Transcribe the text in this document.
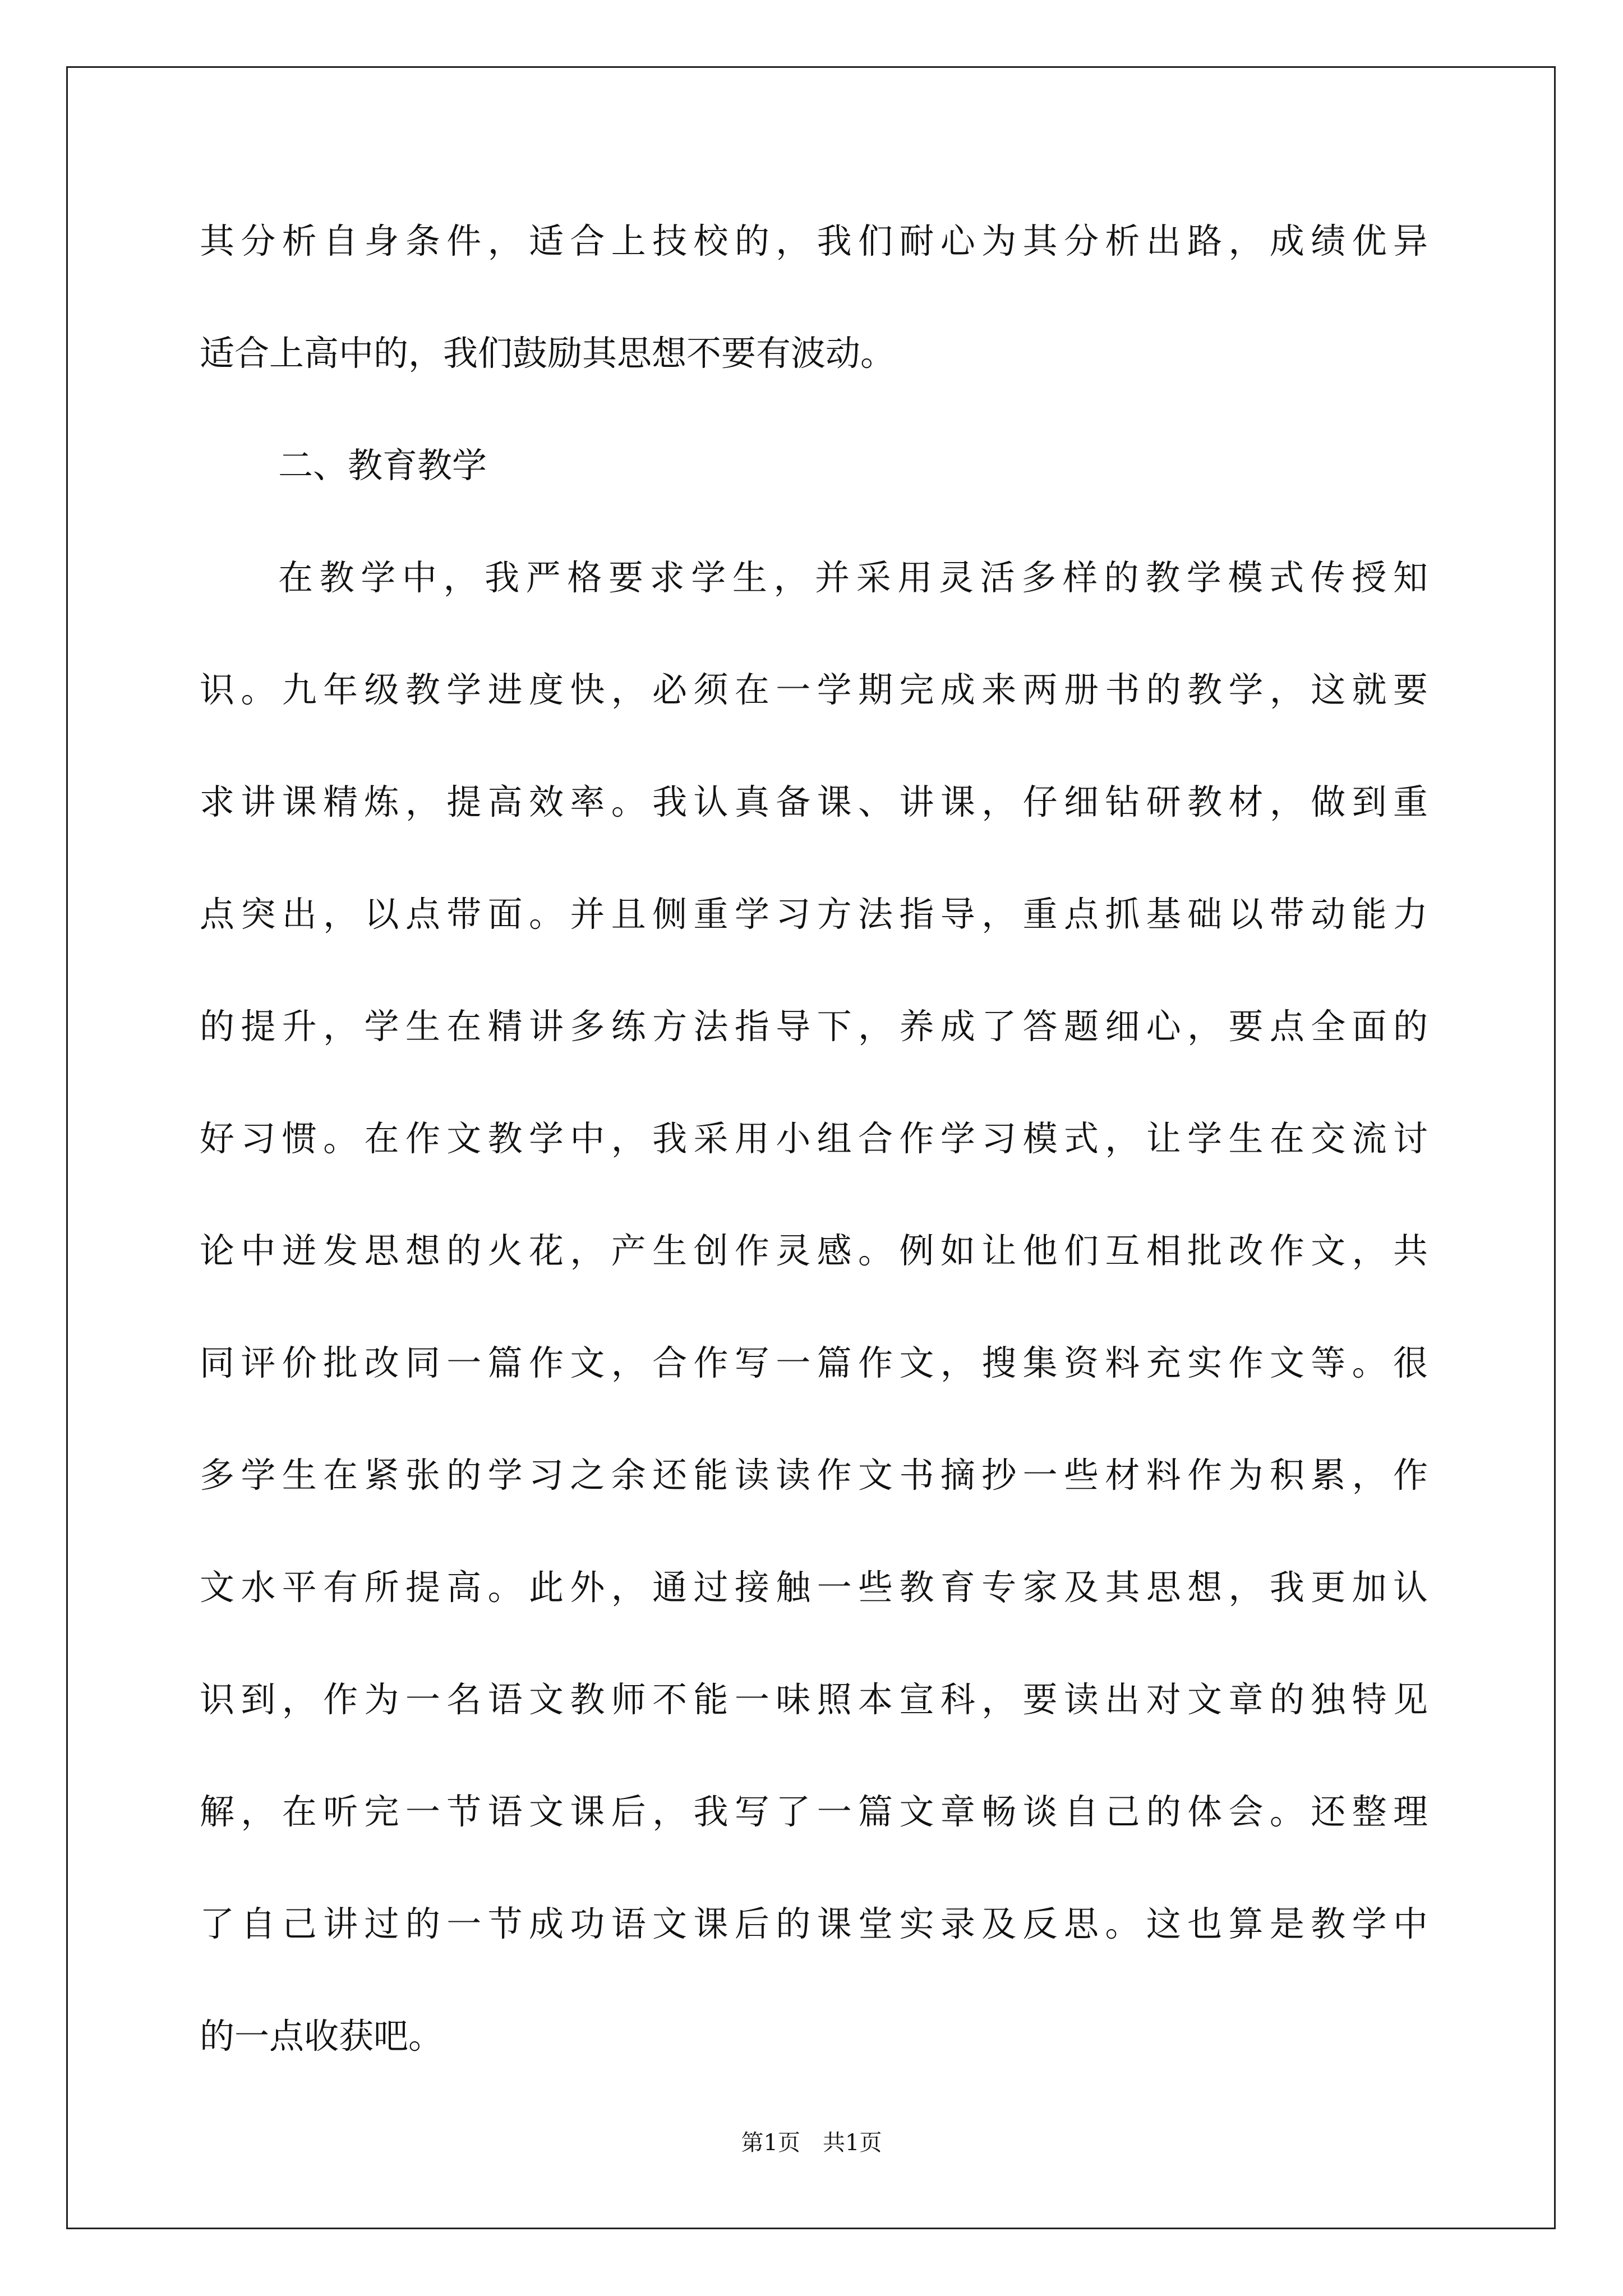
其分析自身条件，适合上技校的，我们耐心为其分析出路，成绩优异
适合上高中的，我们鼓励其思想不要有波动。
二、教育教学
在教学中，我严格要求学生，并采用灵活多样的教学模式传授知
识。九年级教学进度快，必须在一学期完成来两册书的教学，这就要
求讲课精炼，提高效率。我认真备课、讲课，仔细钻研教材，做到重
点突出，以点带面。并且侧重学习方法指导，重点抓基础以带动能力
的提升，学生在精讲多练方法指导下，养成了答题细心，要点全面的
好习惯。在作文教学中，我采用小组合作学习模式，让学生在交流讨
论中迸发思想的火花，产生创作灵感。例如让他们互相批改作文，共
同评价批改同一篇作文，合作写一篇作文，搜集资料充实作文等。很
多学生在紧张的学习之余还能读读作文书摘抄一些材料作为积累，作
文水平有所提高。此外，通过接触一些教育专家及其思想，我更加认
识到，作为一名语文教师不能一味照本宣科，要读出对文章的独特见
解，在听完一节语文课后，我写了一篇文章畅谈自己的体会。还整理
了自己讲过的一节成功语文课后的课堂实录及反思。这也算是教学中
的一点收获吧。
第1页　共1页
